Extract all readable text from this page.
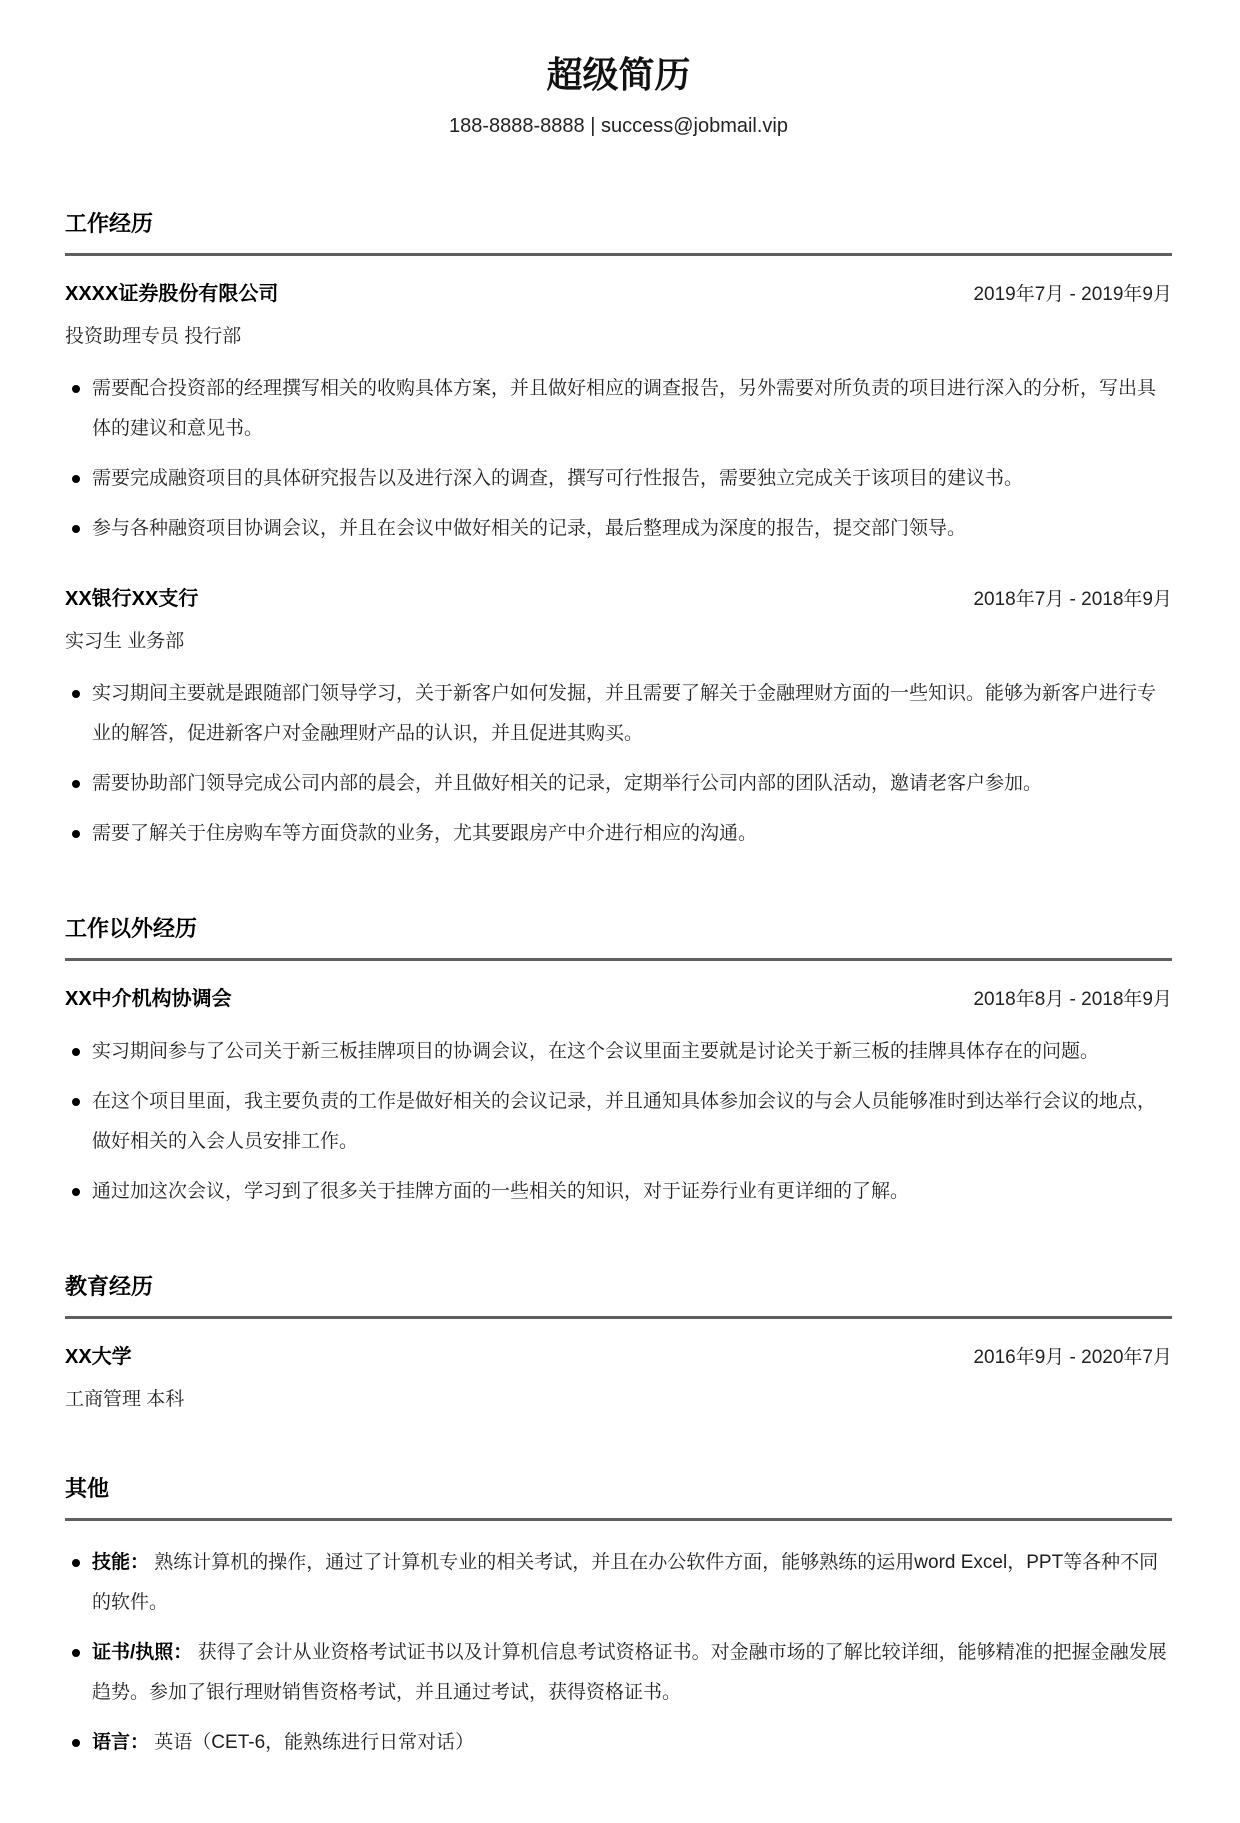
超级简历
188-8888-8888 | success@jobmail.vip
工作经历
XXXX证券股份有限公司	2019年7月 - 2019年9月
投资助理专员 投行部
需要配合投资部的经理撰写相关的收购具体方案，并且做好相应的调查报告，另外需要对所负责的项目进行深入的分析，写出具体的建议和意见书。
需要完成融资项目的具体研究报告以及进行深入的调查，撰写可行性报告，需要独立完成关于该项目的建议书。
参与各种融资项目协调会议，并且在会议中做好相关的记录，最后整理成为深度的报告，提交部门领导。
XX银行XX支行	2018年7月 - 2018年9月
实习生 业务部
实习期间主要就是跟随部门领导学习，关于新客户如何发掘，并且需要了解关于金融理财方面的一些知识。能够为新客户进行专业的解答，促进新客户对金融理财产品的认识，并且促进其购买。
需要协助部门领导完成公司内部的晨会，并且做好相关的记录，定期举行公司内部的团队活动，邀请老客户参加。
需要了解关于住房购车等方面贷款的业务，尤其要跟房产中介进行相应的沟通。
工作以外经历
XX中介机构协调会	2018年8月 - 2018年9月
实习期间参与了公司关于新三板挂牌项目的协调会议，在这个会议里面主要就是讨论关于新三板的挂牌具体存在的问题。
在这个项目里面，我主要负责的工作是做好相关的会议记录，并且通知具体参加会议的与会人员能够准时到达举行会议的地点，做好相关的入会人员安排工作。
通过加这次会议，学习到了很多关于挂牌方面的一些相关的知识，对于证券行业有更详细的了解。
教育经历
XX大学	2016年9月 - 2020年7月
工商管理 本科
其他
技能： 熟练计算机的操作，通过了计算机专业的相关考试，并且在办公软件方面，能够熟练的运用word Excel，PPT等各种不同的软件。
证书/执照： 获得了会计从业资格考试证书以及计算机信息考试资格证书。对金融市场的了解比较详细，能够精准的把握金融发展趋势。参加了银行理财销售资格考试，并且通过考试，获得资格证书。
语言： 英语（CET-6，能熟练进行日常对话）
